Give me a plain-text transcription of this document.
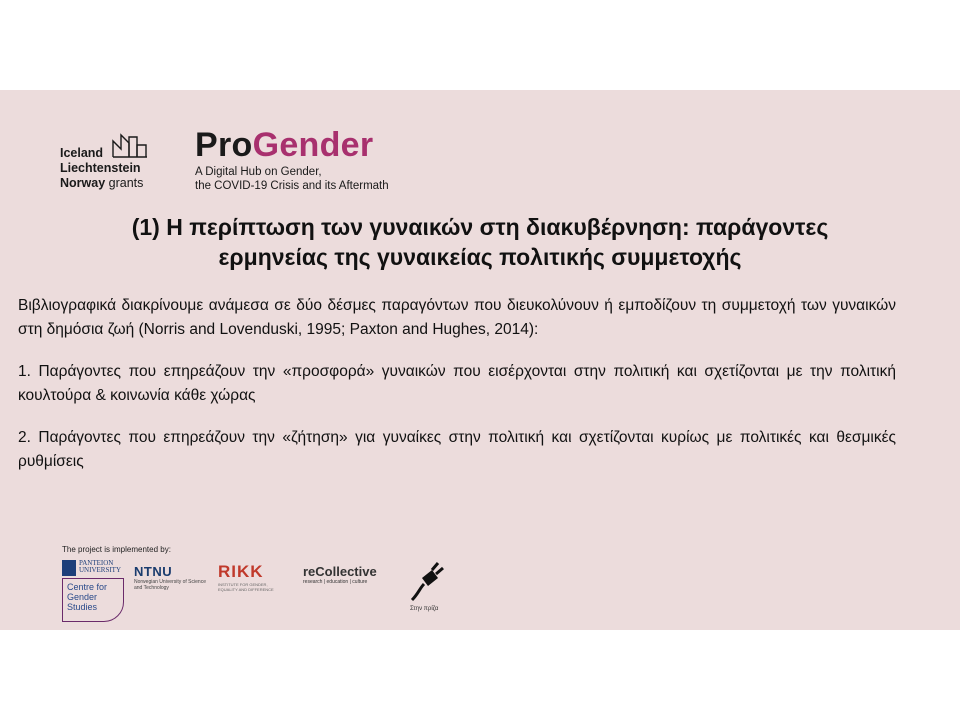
Iceland
Liechtenstein
Norway grants
ProGender
A Digital Hub on Gender,
the COVID-19 Crisis and its Aftermath
(1) Η περίπτωση των γυναικών στη διακυβέρνηση: παράγοντες
ερμηνείας της γυναικείας πολιτικής συμμετοχής

Βιβλιογραφικά διακρίνουμε ανάμεσα σε δύο δέσμες παραγόντων που διευκολύνουν ή εμποδίζουν τη συμμετοχή των γυναικών στη δημόσια ζωή (Norris and Lovenduski, 1995; Paxton and Hughes, 2014):

1. Παράγοντες που επηρεάζουν την «προσφορά» γυναικών που εισέρχονται στην πολιτική και σχετίζονται με την πολιτική κουλτούρα & κοινωνία κάθε χώρας

2. Παράγοντες που επηρεάζουν την «ζήτηση» για γυναίκες στην πολιτική και σχετίζονται κυρίως με πολιτικές και θεσμικές ρυθμίσεις

The project is implemented by:
PANTEION
UNIVERSITY
Centre for Gender Studies
NTNU
Norwegian University of Science and Technology
RIKK
INSTITUTE FOR GENDER, EQUALITY AND DIFFERENCE
reCollective
research | education | culture
Στην πρίζα
